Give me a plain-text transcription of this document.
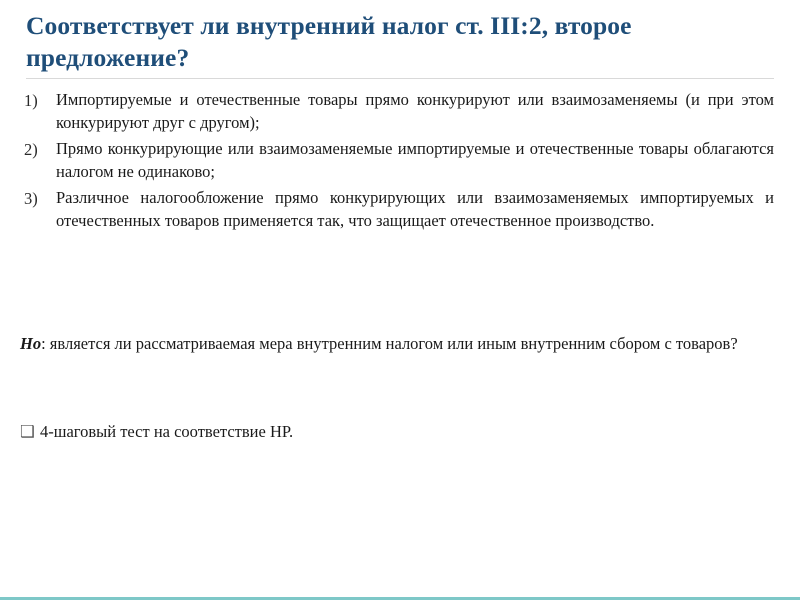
Соответствует ли внутренний налог ст. III:2, второе предложение?
1)	Импортируемые и отечественные товары прямо конкурируют или взаимозаменяемы (и при этом конкурируют друг с другом);
2)	Прямо конкурирующие или взаимозаменяемые импортируемые и отечественные товары облагаются налогом не одинаково;
3)	Различное налогообложение прямо конкурирующих или взаимозаменяемых импортируемых и отечественных товаров применяется так, что защищает отечественное производство.
Но: является ли рассматриваемая мера внутренним налогом или иным внутренним сбором с товаров?
❑ 4-шаговый тест на соответствие НР.
